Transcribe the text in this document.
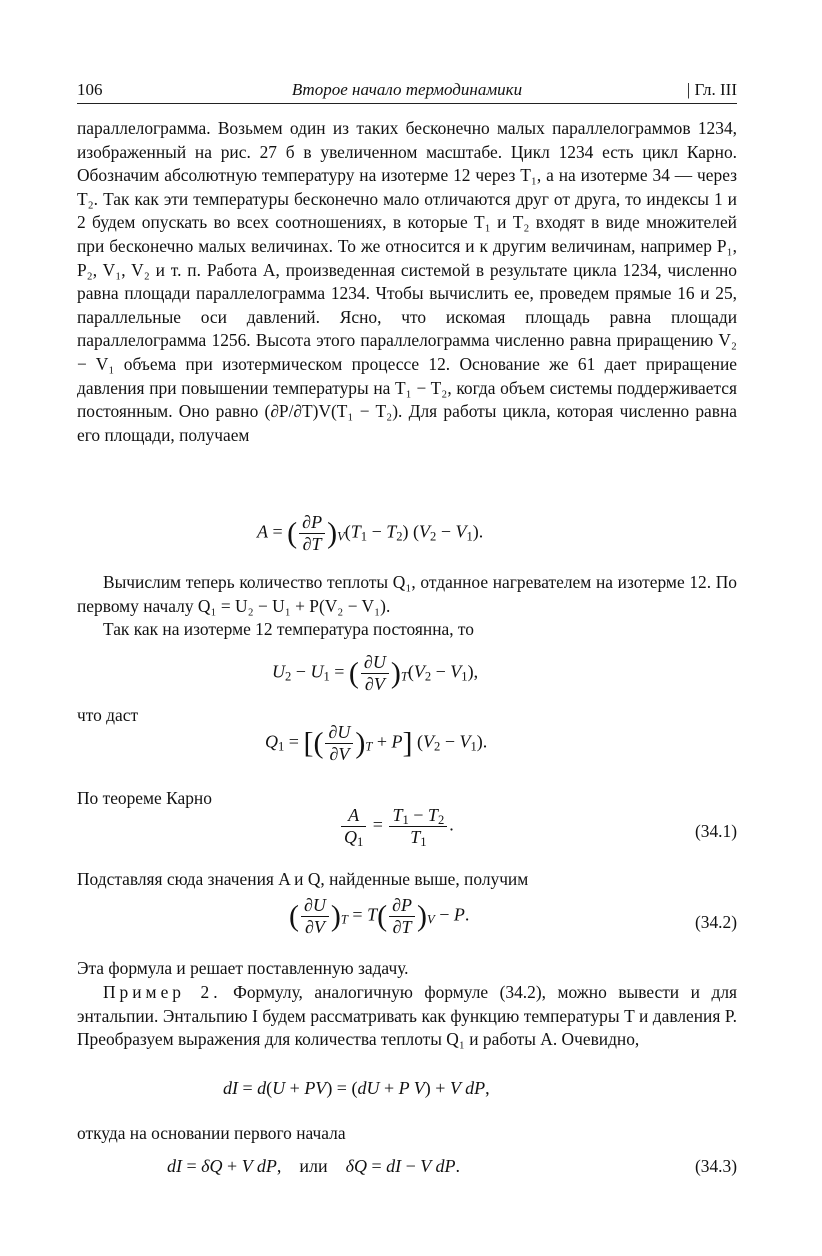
106	Второе начало термодинамики	| Гл. III
параллелограмма. Возьмем один из таких бесконечно малых параллелограммов 1234, изображенный на рис. 27 б в увеличенном масштабе. Цикл 1234 есть цикл Карно. Обозначим абсолютную температуру на изотерме 12 через T₁, а на изотерме 34 — через T₂. Так как эти температуры бесконечно мало отличаются друг от друга, то индексы 1 и 2 будем опускать во всех соотношениях, в которые T₁ и T₂ входят в виде множителей при бесконечно малых величинах. То же относится и к другим величинам, например P₁, P₂, V₁, V₂ и т. п. Работа A, произведенная системой в результате цикла 1234, численно равна площади параллелограмма 1234. Чтобы вычислить ее, проведем прямые 16 и 25, параллельные оси давлений. Ясно, что искомая площадь равна площади параллелограмма 1256. Высота этого параллелограмма численно равна приращению V₂ − V₁ объема при изотермическом процессе 12. Основание же 61 дает приращение давления при повышении температуры на T₁ − T₂, когда объем системы поддерживается постоянным. Оно равно (∂P/∂T)V(T₁ − T₂). Для работы цикла, которая численно равна его площади, получаем
A = ( $\frac{\partial P}{\partial T} )_V(T_1 - T_2)$ $(V_2 - V_1)$.
Вычислим теперь количество теплоты Q₁, отданное нагревателем на изотерме 12. По первому началу Q₁ = U₂ − U₁ + P(V₂ − V₁).
Так как на изотерме 12 температура постоянна, то
$U_2 - U_1$ = ( $\frac{\partial U}{\partial V} )_T(V_2 - V_1)$,
что даст
$Q_1$ = [( $\frac{\partial U}{\partial V} )_T + P$] $(V_2 - V_1)$.
По теореме Карно
$\frac{A}{Q_1} = \frac{T_1 - T_2}{T_1}$ .	(34.1)
Подставляя сюда значения A и Q, найденные выше, получим
( $\frac{\partial U}{\partial V} )_T = T( \frac{\partial P}{\partial T} )_V - P$.	(34.2)
Эта формула и решает поставленную задачу.
Пример 2. Формулу, аналогичную формуле (34.2), можно вывести и для энтальпии. Энтальпию I будем рассматривать как функцию температуры T и давления P. Преобразуем выражения для количества теплоты Q₁ и работы A. Очевидно,
dI = d(U + PV) = (dU + P V) + V dP,
откуда на основании первого начала
dI = δQ + V dP,    или δQ = dI − V dP.	(34.3)
